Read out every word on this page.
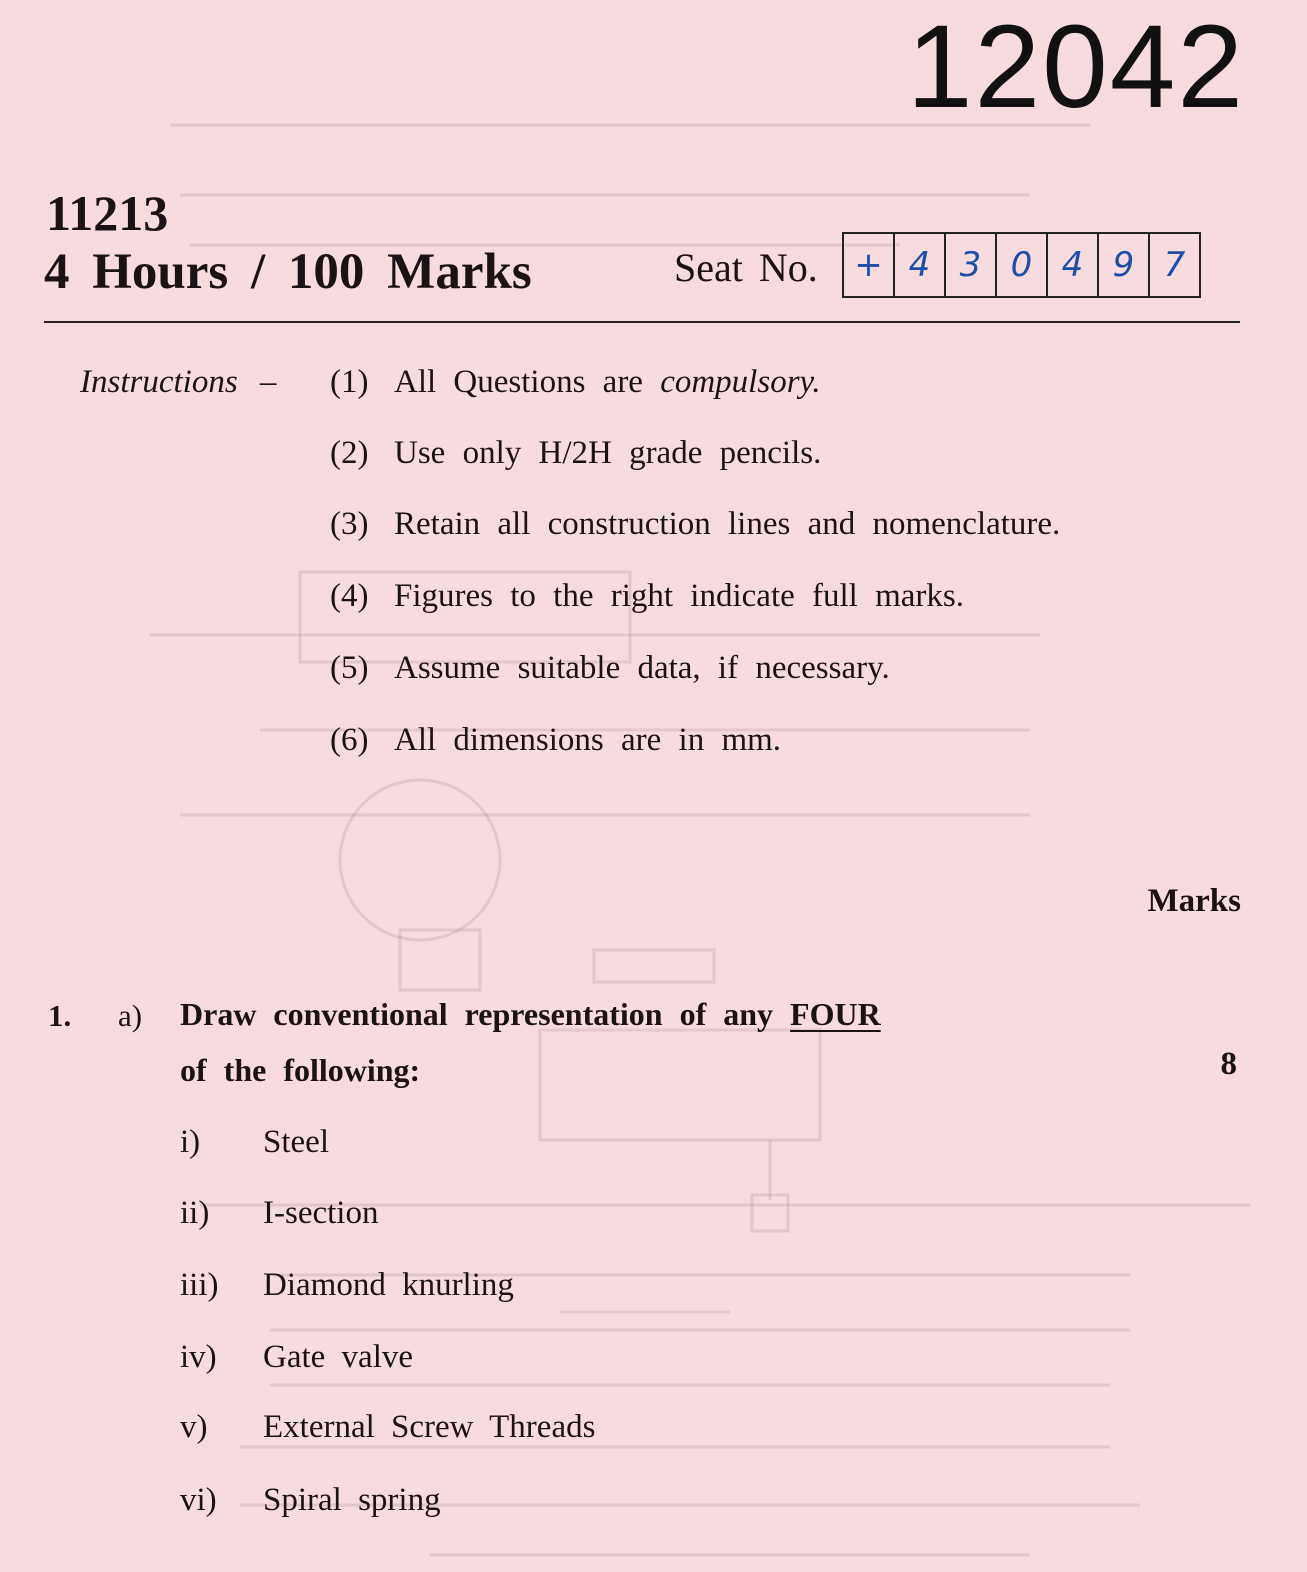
12042
11213
4 Hours / 100 Marks	Seat No.	+ 4 3 0 4 9 7
Instructions – (1) All Questions are compulsory.
(2) Use only H/2H grade pencils.
(3) Retain all construction lines and nomenclature.
(4) Figures to the right indicate full marks.
(5) Assume suitable data, if necessary.
(6) All dimensions are in mm.
Marks
1. a) Draw conventional representation of any FOUR
of the following:	8
i) Steel
ii) I-section
iii) Diamond knurling
iv) Gate valve
v) External Screw Threads
vi) Spiral spring
